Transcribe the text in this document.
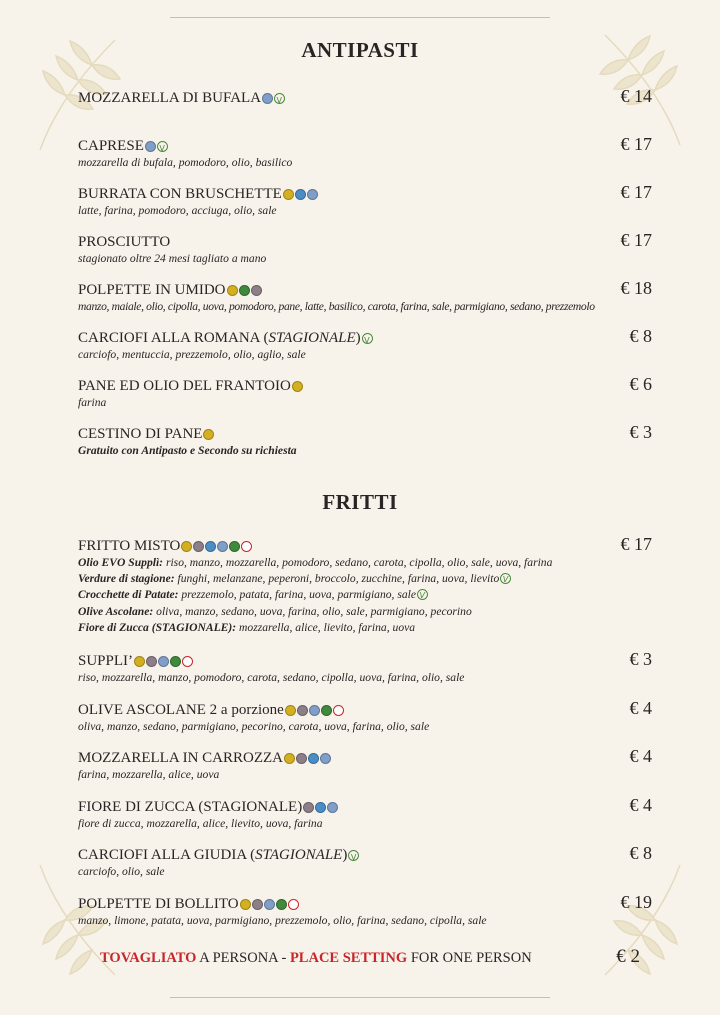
ANTIPASTI
MOZZARELLA DI BUFALA
V	€ 14
CAPRESE
V
mozzarella di bufala, pomodoro, olio, basilico
€ 17
BURRATA CON BRUSCHETTE
latte, farina, pomodoro, acciuga, olio, sale
€ 17
PROSCIUTTO
stagionato oltre 24 mesi tagliato a mano
€ 17
POLPETTE IN UMIDO
manzo, maiale, olio, cipolla, uova, pomodoro, pane, latte, basilico, carota, farina, sale, parmigiano, sedano, prezzemolo
€ 18
CARCIOFI ALLA ROMANA (STAGIONALE)
V
carciofo, mentuccia, prezzemolo, olio, aglio, sale
€ 8
PANE ED OLIO DEL FRANTOIO
farina
€ 6
CESTINO DI PANE
Gratuito con Antipasto e Secondo su richiesta
€ 3
FRITTI
FRITTO MISTO	€ 17
Olio EVO Supplì: riso, manzo, mozzarella, pomodoro, sedano, carota, cipolla, olio, sale, uova, farina
Verdure di stagione: funghi, melanzane, peperoni, broccolo, zucchine, farina, uova, lievito
V
Crocchette di Patate: prezzemolo, patata, farina, uova, parmigiano, sale
V
Olive Ascolane: oliva, manzo, sedano, uova, farina, olio, sale, parmigiano, pecorino
Fiore di Zucca (STAGIONALE): mozzarella, alice, lievito, farina, uova
SUPPLI’
riso, mozzarella, manzo, pomodoro, carota, sedano, cipolla, uova, farina, olio, sale
€ 3
OLIVE ASCOLANE 2 a porzione
oliva, manzo, sedano, parmigiano, pecorino, carota, uova, farina, olio, sale
€ 4
MOZZARELLA IN CARROZZA
farina, mozzarella, alice, uova
€ 4
FIORE DI ZUCCA (STAGIONALE)
fiore di zucca, mozzarella, alice, lievito, uova, farina
€ 4
CARCIOFI ALLA GIUDIA (STAGIONALE)
V
carciofo, olio, sale
€ 8
POLPETTE DI BOLLITO
manzo, limone, patata, uova, parmigiano, prezzemolo, olio, farina, sedano, cipolla, sale
€ 19
TOVAGLIATO A PERSONA - PLACE SETTING FOR ONE PERSON	€ 2
